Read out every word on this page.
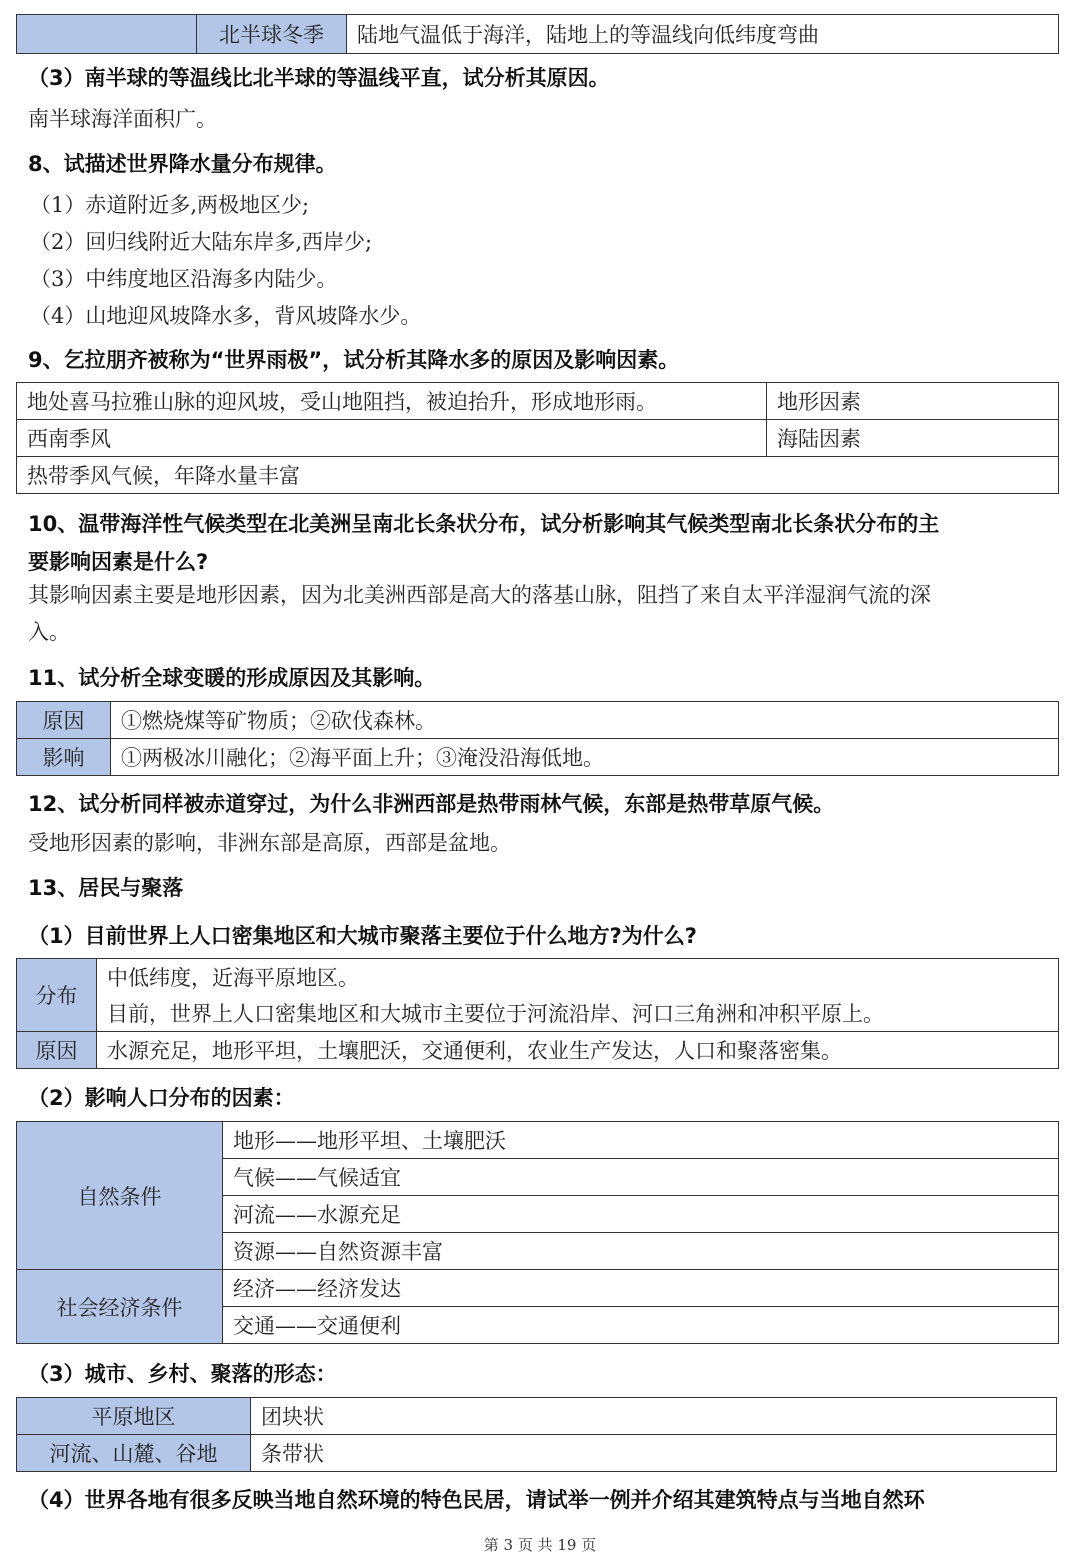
	北半球冬季	陆地气温低于海洋，陆地上的等温线向低纬度弯曲
（3）南半球的等温线比北半球的等温线平直，试分析其原因。
南半球海洋面积广。
8、试描述世界降水量分布规律。
（1）赤道附近多,两极地区少;
（2）回归线附近大陆东岸多,西岸少;
（3）中纬度地区沿海多内陆少。
（4）山地迎风坡降水多，背风坡降水少。
9、乞拉朋齐被称为“世界雨极”，试分析其降水多的原因及影响因素。
地处喜马拉雅山脉的迎风坡，受山地阻挡，被迫抬升，形成地形雨。	地形因素
西南季风	海陆因素
热带季风气候，年降水量丰富	
10、温带海洋性气候类型在北美洲呈南北长条状分布，试分析影响其气候类型南北长条状分布的主
要影响因素是什么?
其影响因素主要是地形因素，因为北美洲西部是高大的落基山脉，阻挡了来自太平洋湿润气流的深
入。
11、试分析全球变暖的形成原因及其影响。
原因	①燃烧煤等矿物质；②砍伐森林。
影响	①两极冰川融化；②海平面上升；③淹没沿海低地。
12、试分析同样被赤道穿过，为什么非洲西部是热带雨林气候，东部是热带草原气候。
受地形因素的影响，非洲东部是高原，西部是盆地。
13、居民与聚落
（1）目前世界上人口密集地区和大城市聚落主要位于什么地方?为什么?
分布	中低纬度，近海平原地区。
	目前，世界上人口密集地区和大城市主要位于河流沿岸、河口三角洲和冲积平原上。
原因	水源充足，地形平坦，土壤肥沃，交通便利，农业生产发达，人口和聚落密集。
（2）影响人口分布的因素：
自然条件	地形——地形平坦、土壤肥沃
	气候——气候适宜
	河流——水源充足
	资源——自然资源丰富
社会经济条件	经济——经济发达
	交通——交通便利
（3）城市、乡村、聚落的形态：
平原地区	团块状
河流、山麓、谷地	条带状
（4）世界各地有很多反映当地自然环境的特色民居，请试举一例并介绍其建筑特点与当地自然环
第 3 页 共 19 页
